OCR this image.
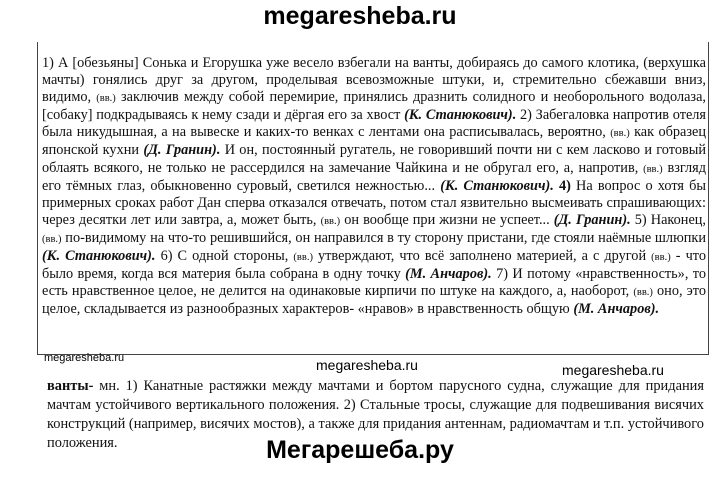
megaresheba.ru

1) А [обезьяны] Сонька и Егорушка уже весело взбегали на ванты, добираясь до самого клотика, (верхушка мачты) гонялись друг за другом, проделывая всевозможные штуки, и, стремительно сбежавши вниз, видимо, (вв.) заключив между собой перемирие, принялись дразнить солидного и необорольного водолаза, [собаку] подкрадываясь к нему сзади и дёргая его за хвост (К. Станюкович). 2) Забегаловка напротив отеля была никудышная, а на вывеске и каких-то венках с лентами она расписывалась, вероятно, (вв.) как образец японской кухни (Д. Гранин). И он, постоянный ругатель, не говоривший почти ни с кем ласково и готовый облаять всякого, не только не рассердился на замечание Чайкина и не обругал его, а, напротив, (вв.) взгляд его тёмных глаз, обыкновенно суровый, светился нежностью... (К. Станюкович). 4) На вопрос о хотя бы примерных сроках работ Дан сперва отказался отвечать, потом стал язвительно высмеивать спрашивающих: через десятки лет или завтра, а, может быть, (вв.) он вообще при жизни не успеет... (Д. Гранин). 5) Наконец, (вв.) по-видимому на что-то решившийся, он направился в ту сторону пристани, где стояли наёмные шлюпки (К. Станюкович). 6) С одной стороны, (вв.) утверждают, что всё заполнено материей, а с другой (вв.) - что было время, когда вся материя была собрана в одну точку (М. Анчаров). 7) И потому «нравственность», то есть нравственное целое, не делится на одинаковые кирпичи по штуке на каждого, а, наоборот, (вв.) оно, это целое, складывается из разнообразных характеров- «нравов» в нравственность общую (М. Анчаров).

megaresheba.ru	megaresheba.ru	megaresheba.ru

ванты- мн. 1) Канатные растяжки между мачтами и бортом парусного судна, служащие для придания мачтам устойчивого вертикального положения. 2) Стальные тросы, служащие для подвешивания висячих конструкций (например, висячих мостов), а также для придания антеннам, радиомачтам и т.п. устойчивого положения.	Мегарешеба.ру
